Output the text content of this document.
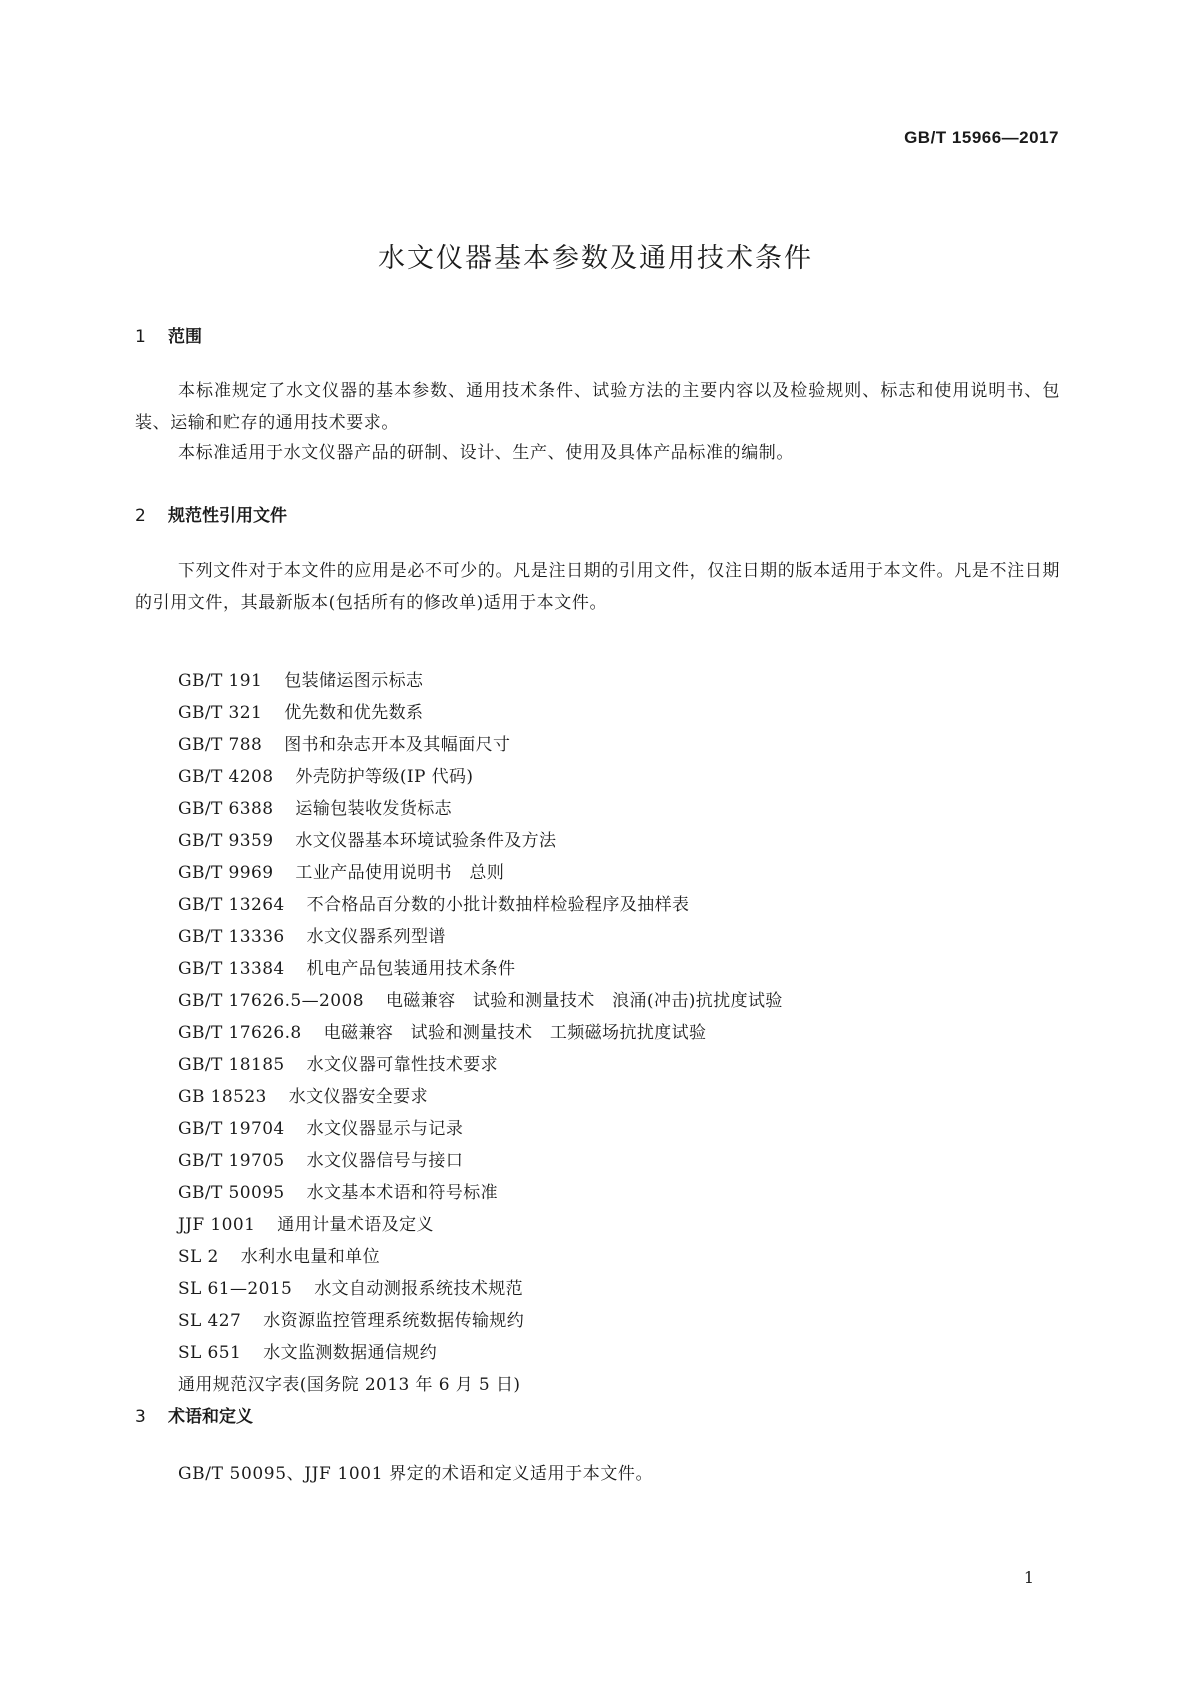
GB/T 15966—2017
水文仪器基本参数及通用技术条件
1 范围
本标准规定了水文仪器的基本参数、通用技术条件、试验方法的主要内容以及检验规则、标志和使用说明书、包装、运输和贮存的通用技术要求。
本标准适用于水文仪器产品的研制、设计、生产、使用及具体产品标准的编制。
2 规范性引用文件
下列文件对于本文件的应用是必不可少的。凡是注日期的引用文件，仅注日期的版本适用于本文件。凡是不注日期的引用文件，其最新版本(包括所有的修改单)适用于本文件。
GB/T 191 包装储运图示标志
GB/T 321 优先数和优先数系
GB/T 788 图书和杂志开本及其幅面尺寸
GB/T 4208 外壳防护等级(IP 代码)
GB/T 6388 运输包装收发货标志
GB/T 9359 水文仪器基本环境试验条件及方法
GB/T 9969 工业产品使用说明书　总则
GB/T 13264 不合格品百分数的小批计数抽样检验程序及抽样表
GB/T 13336 水文仪器系列型谱
GB/T 13384 机电产品包装通用技术条件
GB/T 17626.5—2008 电磁兼容　试验和测量技术　浪涌(冲击)抗扰度试验
GB/T 17626.8 电磁兼容　试验和测量技术　工频磁场抗扰度试验
GB/T 18185 水文仪器可靠性技术要求
GB 18523 水文仪器安全要求
GB/T 19704 水文仪器显示与记录
GB/T 19705 水文仪器信号与接口
GB/T 50095 水文基本术语和符号标准
JJF 1001 通用计量术语及定义
SL 2 水利水电量和单位
SL 61—2015 水文自动测报系统技术规范
SL 427 水资源监控管理系统数据传输规约
SL 651 水文监测数据通信规约
通用规范汉字表(国务院 2013 年 6 月 5 日)
3 术语和定义
GB/T 50095、JJF 1001 界定的术语和定义适用于本文件。
1
